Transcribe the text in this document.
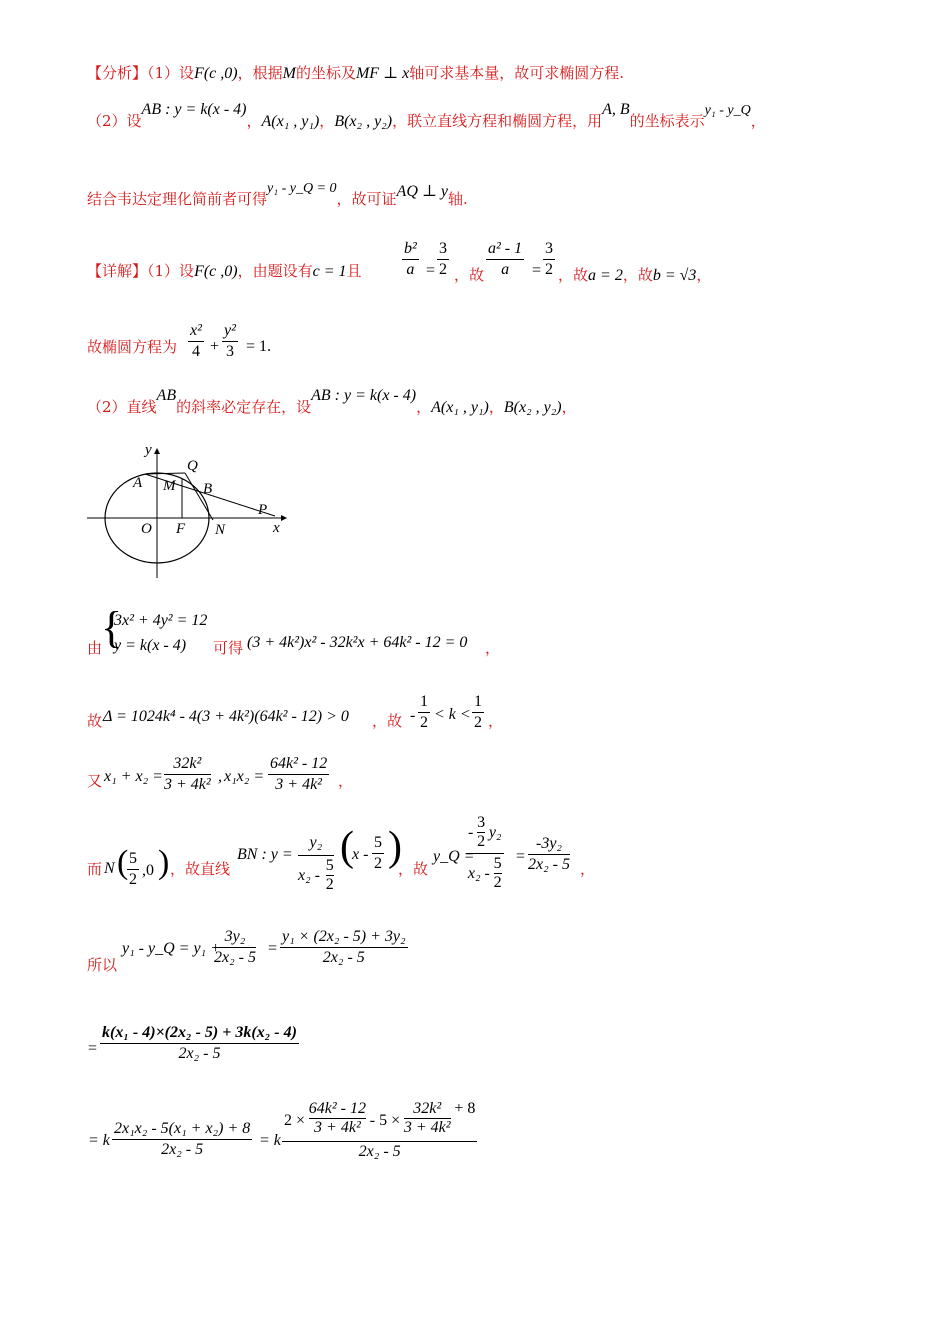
【分析】（1）设F(c ,0)，根据M的坐标及MF ⊥ x轴可求基本量，故可求椭圆方程.
（2）设AB : y = k(x - 4)，A(x₁ , y₁)，B(x₂ , y₂)，联立直线方程和椭圆方程，用A, B的坐标表示y₁ - y_Q，
结合韦达定理化简前者可得y₁ - y_Q = 0，故可证AQ ⊥ y轴.
【详解】（1）设F(c ,0)，由题设有c = 1且	$\frac{\text{b²}}{a} = \frac{3}{2}$ ，故 $\frac{\text{a² - 1}}{a} = \frac{3}{2}$ ，故a = 2，故b = √3，
故椭圆方程为 $\frac{\text{x²}}{4} + \frac{\text{y²}}{3} = 1$.
（2）直线AB的斜率必定存在，设AB : y = k(x - 4)，A(x₁ , y₁)，B(x₂ , y₂)，
y
x
Q
A M B
P
O F N
由
{
3x² + 4y² = 12
y = k(x - 4) 可得 (3 + 4k²)x² - 32k²x + 64k² - 12 = 0 ，
故 Δ = 1024k⁴ - 4(3 + 4k²)(64k² - 12) > 0 ，故 - $\frac{1}{2} < k < \frac{1}{2}$ ，
又 $x_1 + x_2 = \frac{\text{32k²}}{\text{3 + 4k²}}$ , $x_1x_2 = \frac{\text{64k² - 12}}{\text{3 + 4k²}}$ ，
而 N (
$\frac{5}{2} ,0$ ) ，故直线
BN : $y = \frac{\text{y₂}}{x_2 - \frac{5}{2}}$ (
x - $\frac{5}{2}$ )
，故
y_Q =
$\frac{- \frac{3}{2} y_2}{x_2 - \frac{5}{2}} = \frac{\text{-3y₂}}{\text{2x₂ - 5}}$ ，
所以
y₁ - y_Q = y₁ +
$\frac{\text{3y₂}}{\text{2x₂ - 5}} = \frac{\text{y₁ × (2x₂ - 5) + 3y₂}}{\text{2x₂ - 5}}$
= $\frac{\text{k(x₁ - 4)×(2x₂ - 5) + 3k(x₂ - 4)}}{\text{2x₂ - 5}}$
= k $\frac{\text{2x₁x₂ - 5(x₁ + x₂) + 8}}{\text{2x₂ - 5}} = k \frac{2 \times \frac{\text{64k² - 12}}{\text{3 + 4k²}} - 5 \times \frac{\text{32k²}}{\text{3 + 4k²}} + 8}{\text{2x₂ - 5}}$
